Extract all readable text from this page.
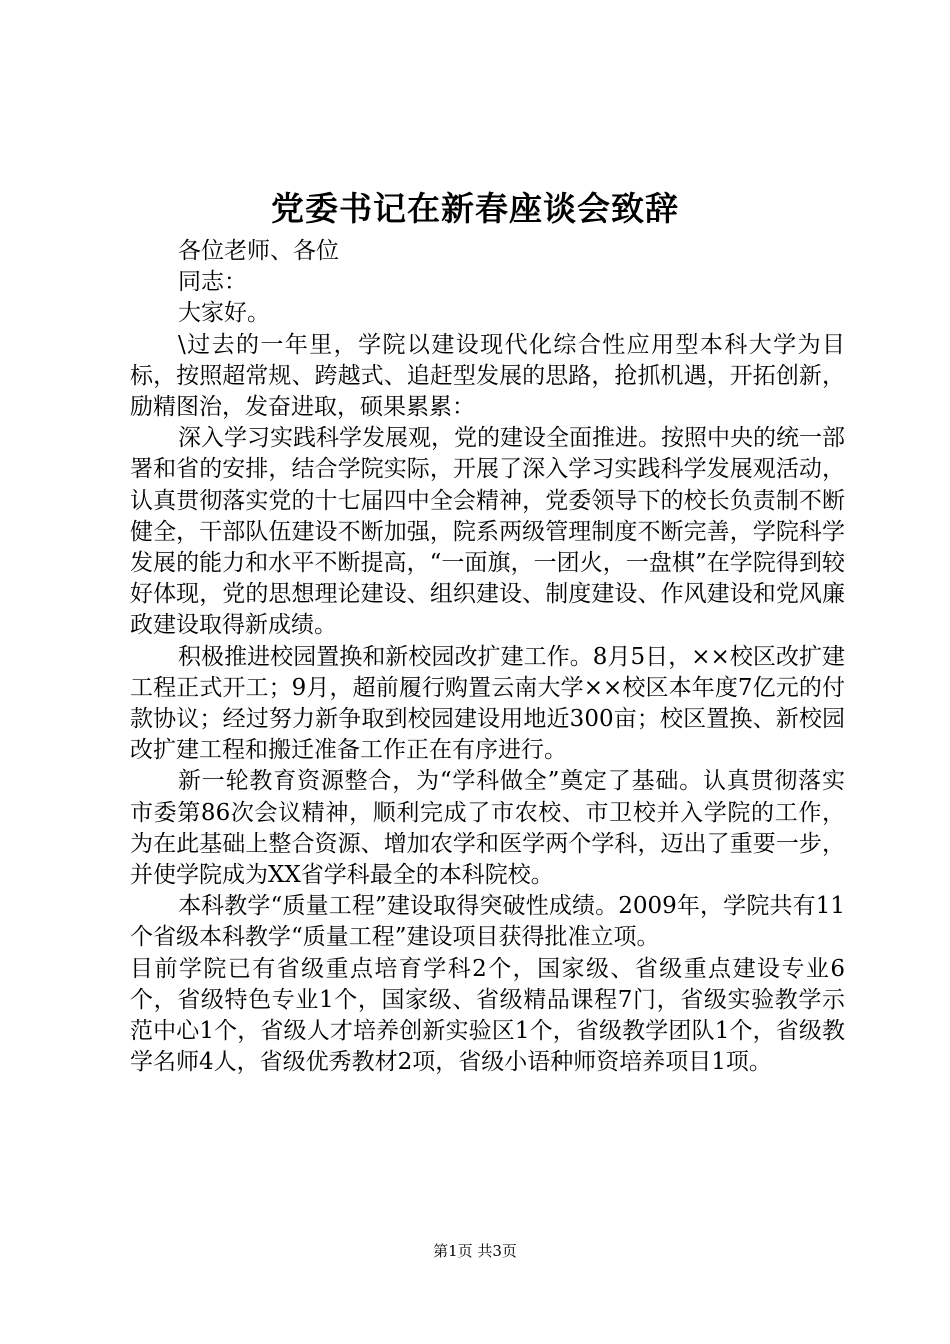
党委书记在新春座谈会致辞

各位老师、各位

同志：

大家好。

\过去的一年里，学院以建设现代化综合性应用型本科大学为目标，按照超常规、跨越式、追赶型发展的思路，抢抓机遇，开拓创新，励精图治，发奋进取，硕果累累：

深入学习实践科学发展观，党的建设全面推进。按照中央的统一部署和省的安排，结合学院实际，开展了深入学习实践科学发展观活动，认真贯彻落实党的十七届四中全会精神，党委领导下的校长负责制不断健全，干部队伍建设不断加强，院系两级管理制度不断完善，学院科学发展的能力和水平不断提高，“一面旗，一团火，一盘棋”在学院得到较好体现，党的思想理论建设、组织建设、制度建设、作风建设和党风廉政建设取得新成绩。

积极推进校园置换和新校园改扩建工作。8月5日，××校区改扩建工程正式开工；9月，超前履行购置云南大学××校区本年度7亿元的付款协议；经过努力新争取到校园建设用地近300亩；校区置换、新校园改扩建工程和搬迁准备工作正在有序进行。

新一轮教育资源整合，为“学科做全”奠定了基础。认真贯彻落实市委第86次会议精神，顺利完成了市农校、市卫校并入学院的工作，为在此基础上整合资源、增加农学和医学两个学科，迈出了重要一步，并使学院成为XX省学科最全的本科院校。

本科教学“质量工程”建设取得突破性成绩。2009年，学院共有11个省级本科教学“质量工程”建设项目获得批准立项。

目前学院已有省级重点培育学科2个，国家级、省级重点建设专业6个，省级特色专业1个，国家级、省级精品课程7门，省级实验教学示范中心1个，省级人才培养创新实验区1个，省级教学团队1个，省级教学名师4人，省级优秀教材2项，省级小语种师资培养项目1项。

第1页 共3页
